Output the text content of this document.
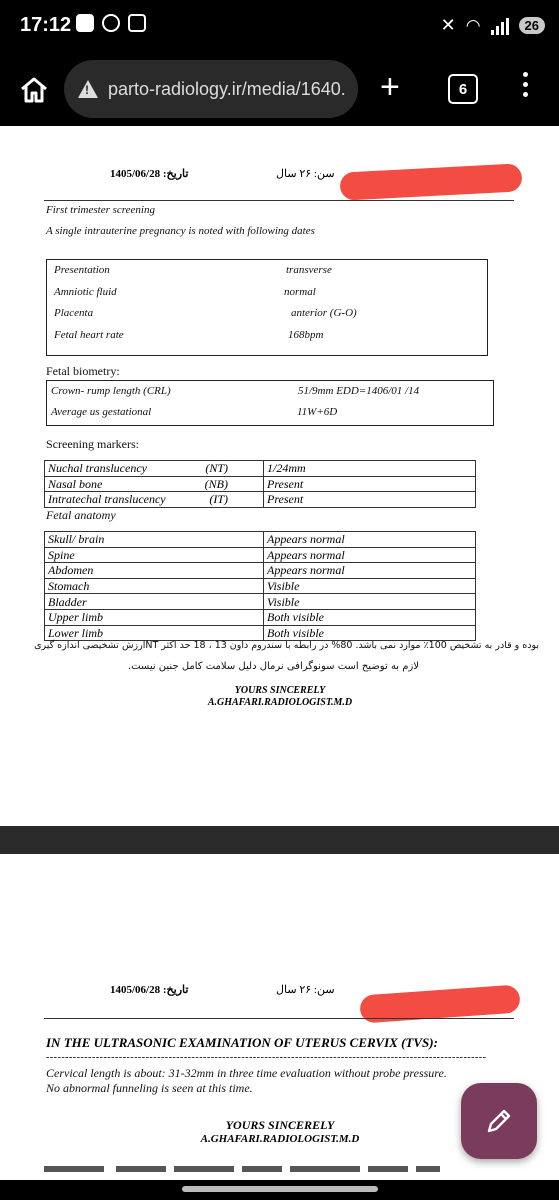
17:12	✕ ◠	26
!
parto-radiology.ir/media/1640. +	6
تاریخ: 1405/06/28	سن: ۲۶ سال
First trimester screening
A single intrauterine pregnancy is noted with following dates
Presentation	transverse
Amniotic fluid	normal
Placenta	anterior (G-O)
Fetal heart rate	168bpm
Fetal biometry:
Crown- rump length (CRL)	51/9mm EDD=1406/01 /14
Average us gestational	11W+6D
Screening markers:
Nuchal translucency (NT)	1/24mm
Nasal bone (NB)	Present
Intratechal translucency (IT)	Present
Fetal anatomy
Skull/ brain	Appears normal
Spine	Appears normal
Abdomen	Appears normal
Stomach	Visible
Bladder	Visible
Upper limb	Both visible
Lower limb	Both visible
بوده و قادر به تشخیص 100٪ موارد نمی باشد. 80% در رابطه با سندروم داون 13 ، 18 حد اکثر NTارزش تشخیصی اندازه گیری
لازم به توضیح است سونوگرافی نرمال دلیل سلامت کامل جنین نیست.
YOURS SINCERELY
A.GHAFARI.RADIOLOGIST.M.D
تاریخ: 1405/06/28	سن: ۲۶ سال
IN THE ULTRASONIC EXAMINATION OF UTERUS CERVIX (TVS):
-------------------------------------------------------------------------------------------------------------------
Cervical length is about: 31-32mm in three time evaluation without probe pressure.
No abnormal funneling is seen at this time.
YOURS SINCERELY
A.GHAFARI.RADIOLOGIST.M.D
